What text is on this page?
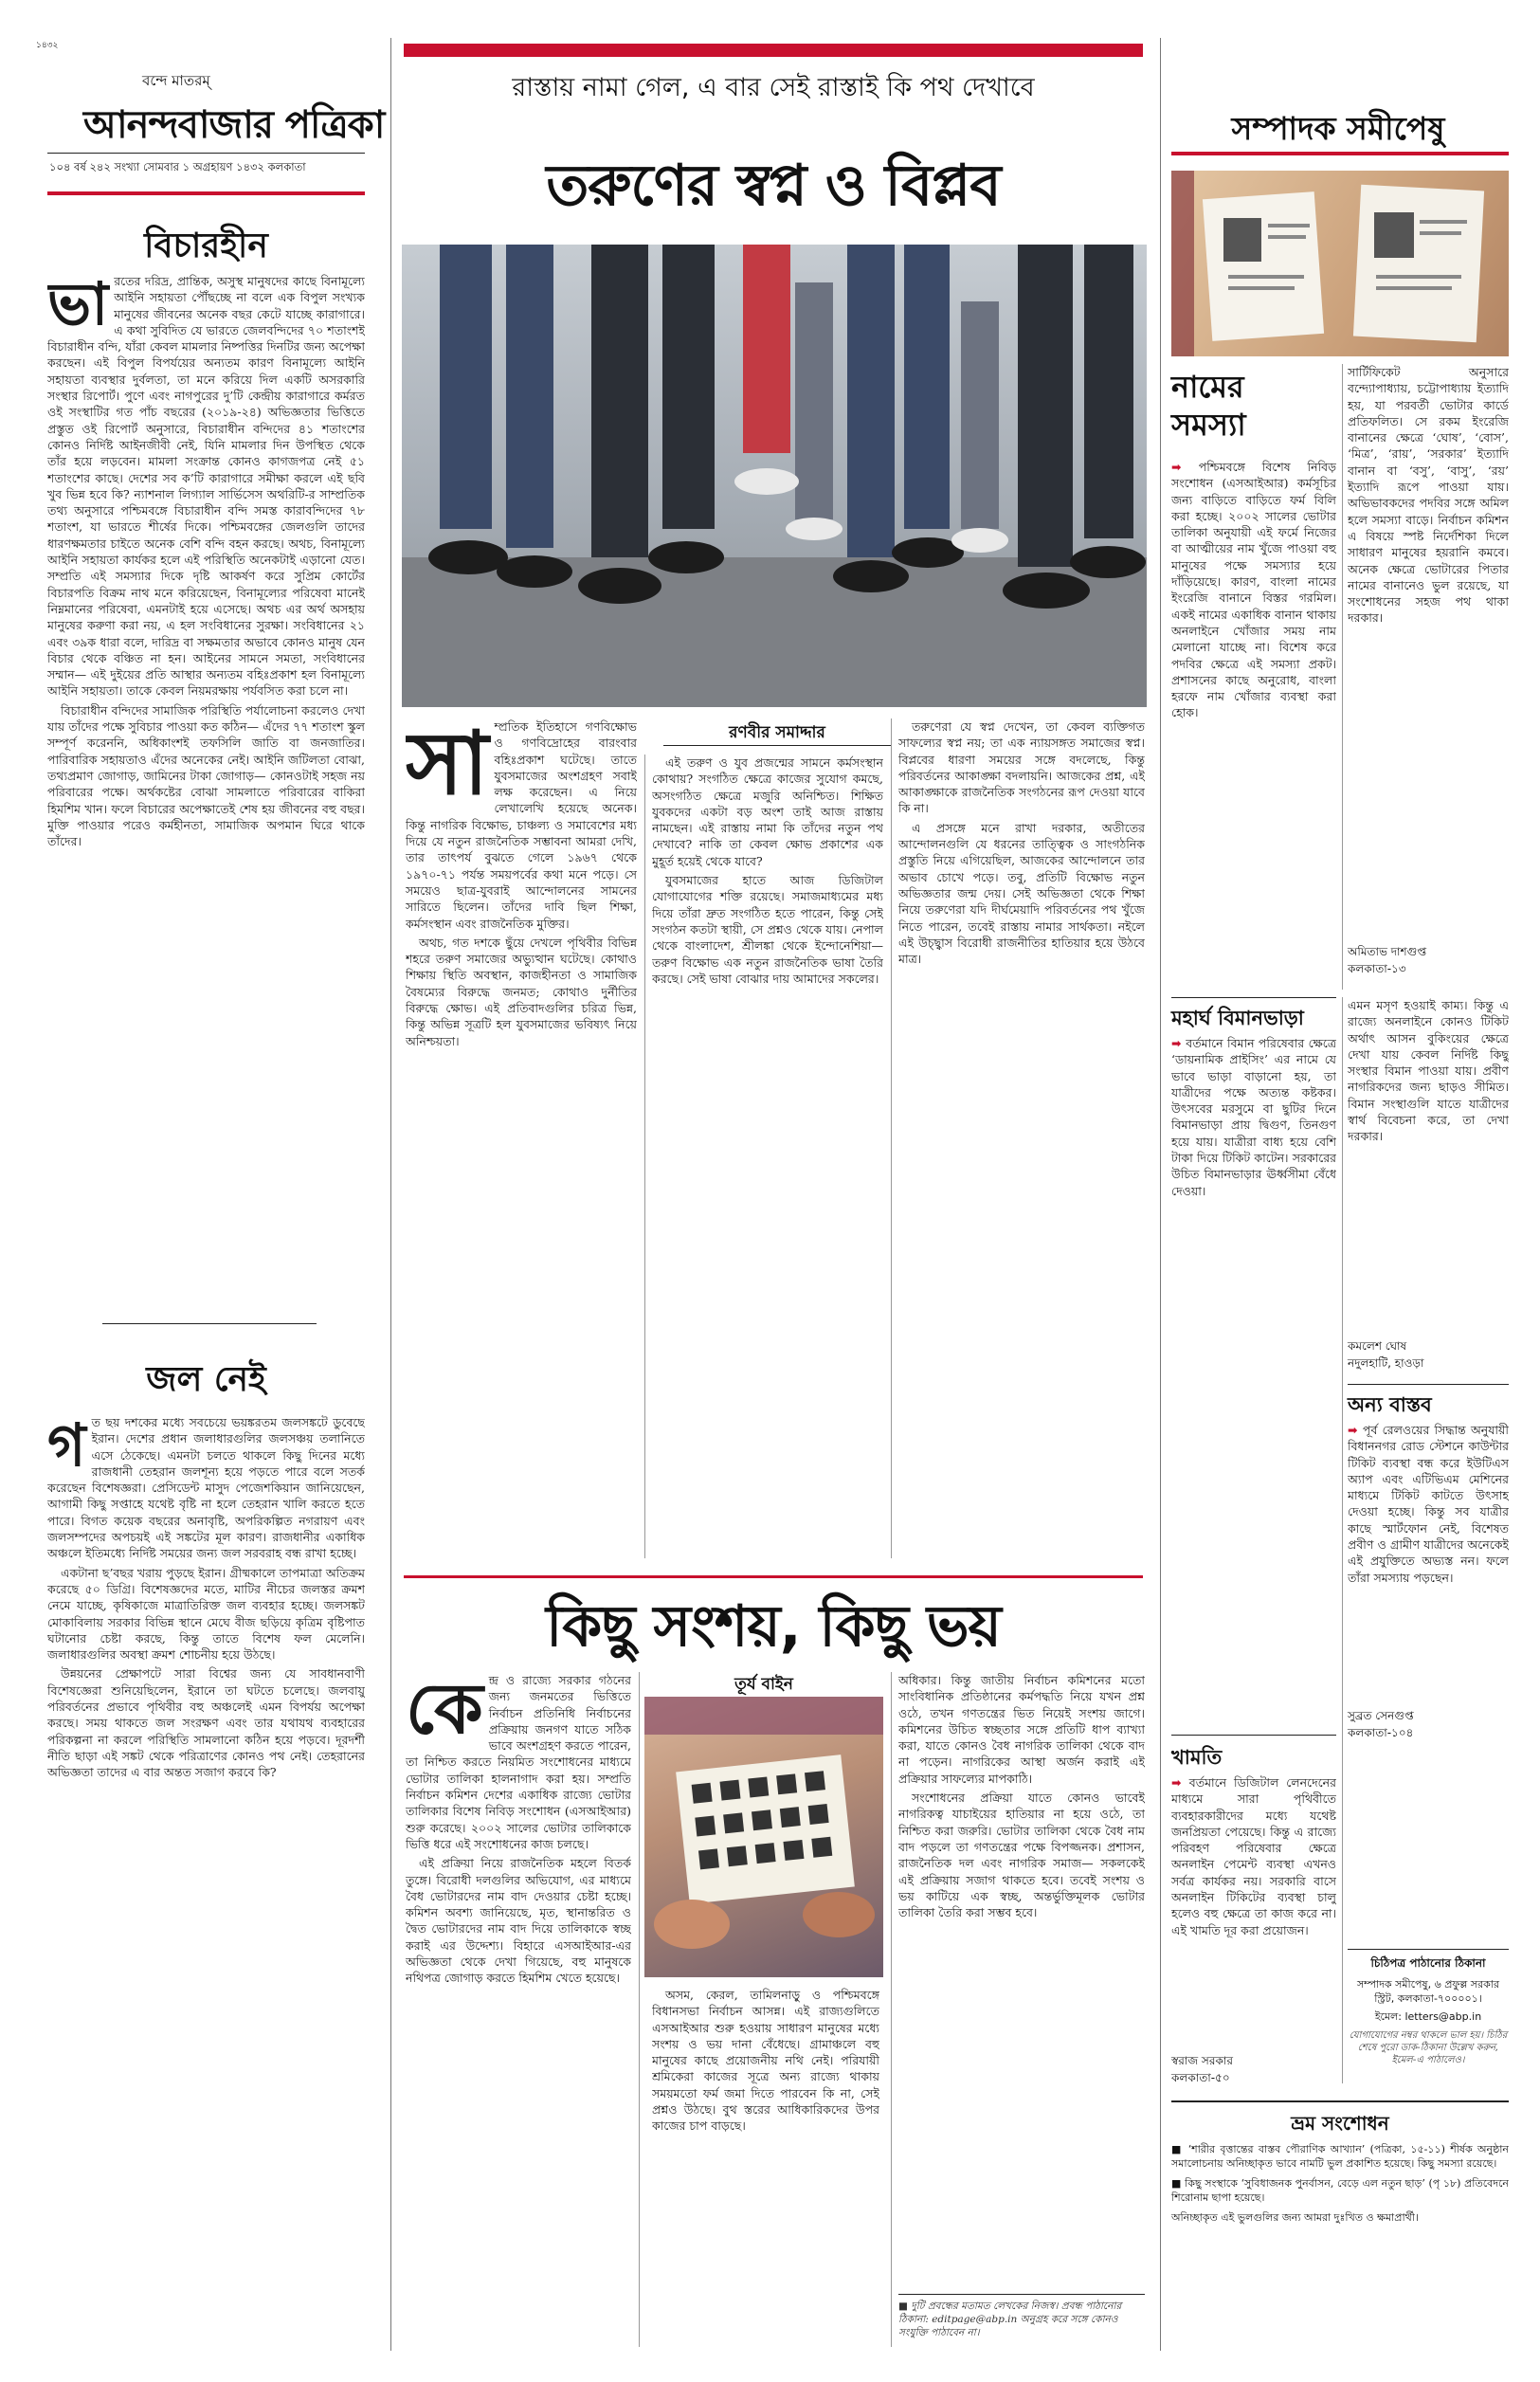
১৪৩২
বন্দে মাতরম্‌
আনন্দবাজার পত্রিকা
১০৪ বর্ষ ২৪২ সংখ্যা সোমবার ১ অগ্রহায়ণ ১৪৩২ কলকাতা
বিচারহীন
ভা রতের দরিদ্র, প্রান্তিক, অসুস্থ মানুষদের কাছে বিনামূল্যে আইনি সহায়তা পৌঁছচ্ছে না বলে এক বিপুল সংখ্যক মানুষের জীবনের অনেক বছর কেটে যাচ্ছে কারাগারে। এ কথা সুবিদিত যে ভারতে জেলবন্দিদের ৭০ শতাংশই বিচারাধীন বন্দি, যাঁরা কেবল মামলার নিষ্পত্তির দিনটির জন্য অপেক্ষা করছেন। এই বিপুল বিপর্যয়ের অন্যতম কারণ বিনামূল্যে আইনি সহায়তা ব্যবস্থার দুর্বলতা, তা মনে করিয়ে দিল একটি অসরকারি সংস্থার রিপোর্ট। পুণে এবং নাগপুরের দু’টি কেন্দ্রীয় কারাগারে কর্মরত ওই সংস্থাটির গত পাঁচ বছরের (২০১৯-২৪) অভিজ্ঞতার ভিত্তিতে প্রস্তুত ওই রিপোর্ট অনুসারে, বিচারাধীন বন্দিদের ৪১ শতাংশের কোনও নির্দিষ্ট আইনজীবী নেই, যিনি মামলার দিন উপস্থিত থেকে তাঁর হয়ে লড়বেন। মামলা সংক্রান্ত কোনও কাগজপত্র নেই ৫১ শতাংশের কাছে। দেশের সব ক’টি কারাগারে সমীক্ষা করলে এই ছবি খুব ভিন্ন হবে কি? ন্যাশনাল লিগ্যাল সার্ভিসেস অথরিটি-র সাম্প্রতিক তথ্য অনুসারে পশ্চিমবঙ্গে বিচারাধীন বন্দি সমস্ত কারাবন্দিদের ৭৮ শতাংশ, যা ভারতে শীর্ষের দিকে। পশ্চিমবঙ্গের জেলগুলি তাদের ধারণক্ষমতার চাইতে অনেক বেশি বন্দি বহন করছে। অথচ, বিনামূল্যে আইনি সহায়তা কার্যকর হলে এই পরিস্থিতি অনেকটাই এড়ানো যেত। সম্প্রতি এই সমস্যার দিকে দৃষ্টি আকর্ষণ করে সুপ্রিম কোর্টের বিচারপতি বিক্রম নাথ মনে করিয়েছেন, বিনামূল্যের পরিষেবা মানেই নিম্নমানের পরিষেবা, এমনটাই হয়ে এসেছে। অথচ এর অর্থ অসহায় মানুষের করুণা করা নয়, এ হল সংবিধানের সুরক্ষা। সংবিধানের ২১ এবং ৩৯ক ধারা বলে, দারিদ্র বা সক্ষমতার অভাবে কোনও মানুষ যেন বিচার থেকে বঞ্চিত না হন। আইনের সামনে সমতা, সংবিধানের সম্মান— এই দুইয়ের প্রতি আস্থার অন্যতম বহিঃপ্রকাশ হল বিনামূল্যে আইনি সহায়তা। তাকে কেবল নিয়মরক্ষায় পর্যবসিত করা চলে না।

বিচারাধীন বন্দিদের সামাজিক পরিস্থিতি পর্যালোচনা করলেও দেখা যায় তাঁদের পক্ষে সুবিচার পাওয়া কত কঠিন— এঁদের ৭৭ শতাংশ স্কুল সম্পূর্ণ করেননি, অধিকাংশই তফসিলি জাতি বা জনজাতির। পারিবারিক সহায়তাও এঁদের অনেকের নেই। আইনি জটিলতা বোঝা, তথ্যপ্রমাণ জোগাড়, জামিনের টাকা জোগাড়— কোনওটাই সহজ নয় পরিবারের পক্ষে। অর্থকষ্টের বোঝা সামলাতে পরিবারের বাকিরা হিমশিম খান। ফলে বিচারের অপেক্ষাতেই শেষ হয় জীবনের বহু বছর। মুক্তি পাওয়ার পরেও কর্মহীনতা, সামাজিক অপমান ঘিরে থাকে তাঁদের।

জল নেই
গ ত ছয় দশকের মধ্যে সবচেয়ে ভয়ঙ্করতম জলসঙ্কটে ডুবেছে ইরান। দেশের প্রধান জলাধারগুলির জলসঞ্চয় তলানিতে এসে ঠেকেছে। এমনটা চলতে থাকলে কিছু দিনের মধ্যে রাজধানী তেহরান জলশূন্য হয়ে পড়তে পারে বলে সতর্ক করেছেন বিশেষজ্ঞরা। প্রেসিডেন্ট মাসুদ পেজেশকিয়ান জানিয়েছেন, আগামী কিছু সপ্তাহে যথেষ্ট বৃষ্টি না হলে তেহরান খালি করতে হতে পারে। বিগত কয়েক বছরের অনাবৃষ্টি, অপরিকল্পিত নগরায়ণ এবং জলসম্পদের অপচয়ই এই সঙ্কটের মূল কারণ। রাজধানীর একাধিক অঞ্চলে ইতিমধ্যে নির্দিষ্ট সময়ের জন্য জল সরবরাহ বন্ধ রাখা হচ্ছে।

একটানা ছ’বছর খরায় পুড়ছে ইরান। গ্রীষ্মকালে তাপমাত্রা অতিক্রম করেছে ৫০ ডিগ্রি। বিশেষজ্ঞদের মতে, মাটির নীচের জলস্তর ক্রমশ নেমে যাচ্ছে, কৃষিকাজে মাত্রাতিরিক্ত জল ব্যবহার হচ্ছে। জলসঙ্কট মোকাবিলায় সরকার বিভিন্ন স্থানে মেঘে বীজ ছড়িয়ে কৃত্রিম বৃষ্টিপাত ঘটানোর চেষ্টা করছে, কিন্তু তাতে বিশেষ ফল মেলেনি। জলাধারগুলির অবস্থা ক্রমশ শোচনীয় হয়ে উঠছে।

উন্নয়নের প্রেক্ষাপটে সারা বিশ্বের জন্য যে সাবধানবাণী বিশেষজ্ঞেরা শুনিয়েছিলেন, ইরানে তা ঘটতে চলেছে। জলবায়ু পরিবর্তনের প্রভাবে পৃথিবীর বহু অঞ্চলেই এমন বিপর্যয় অপেক্ষা করছে। সময় থাকতে জল সংরক্ষণ এবং তার যথাযথ ব্যবহারের পরিকল্পনা না করলে পরিস্থিতি সামলানো কঠিন হয়ে পড়বে। দূরদর্শী নীতি ছাড়া এই সঙ্কট থেকে পরিত্রাণের কোনও পথ নেই। তেহরানের অভিজ্ঞতা তাদের এ বার অন্তত সজাগ করবে কি?

রাস্তায় নামা গেল, এ বার সেই রাস্তাই কি পথ দেখাবে
তরুণের স্বপ্ন ও বিপ্লব
রণবীর সমাদ্দার
সা ম্প্রতিক ইতিহাসে গণবিক্ষোভ ও গণবিদ্রোহের বারংবার বহিঃপ্রকাশ ঘটেছে। তাতে যুবসমাজের অংশগ্রহণ সবাই লক্ষ করেছেন। এ নিয়ে লেখালেখি হয়েছে অনেক। কিন্তু নাগরিক বিক্ষোভ, চাঞ্চল্য ও সমাবেশের মধ্য দিয়ে যে নতুন রাজনৈতিক সম্ভাবনা আমরা দেখি, তার তাৎপর্য বুঝতে গেলে ১৯৬৭ থেকে ১৯৭০-৭১ পর্যন্ত সময়পর্বের কথা মনে পড়ে। সে সময়েও ছাত্র-যুবরাই আন্দোলনের সামনের সারিতে ছিলেন। তাঁদের দাবি ছিল শিক্ষা, কর্মসংস্থান এবং রাজনৈতিক মুক্তির।

অথচ, গত দশকে ছুঁয়ে দেখলে পৃথিবীর বিভিন্ন শহরে তরুণ সমাজের অভ্যুত্থান ঘটেছে। কোথাও শিক্ষায় স্থিতি অবস্থান, কাজহীনতা ও সামাজিক বৈষম্যের বিরুদ্ধে জনমত; কোথাও দুর্নীতির বিরুদ্ধে ক্ষোভ। এই প্রতিবাদগুলির চরিত্র ভিন্ন, কিন্তু অভিন্ন সূত্রটি হল যুবসমাজের ভবিষ্যৎ নিয়ে অনিশ্চয়তা।

এই তরুণ ও যুব প্রজন্মের সামনে কর্মসংস্থান কোথায়? সংগঠিত ক্ষেত্রে কাজের সুযোগ কমছে, অসংগঠিত ক্ষেত্রে মজুরি অনিশ্চিত। শিক্ষিত যুবকদের একটা বড় অংশ তাই আজ রাস্তায় নামছেন। এই রাস্তায় নামা কি তাঁদের নতুন পথ দেখাবে? নাকি তা কেবল ক্ষোভ প্রকাশের এক মুহূর্ত হয়েই থেকে যাবে?

যুবসমাজের হাতে আজ ডিজিটাল যোগাযোগের শক্তি রয়েছে। সমাজমাধ্যমের মধ্য দিয়ে তাঁরা দ্রুত সংগঠিত হতে পারেন, কিন্তু সেই সংগঠন কতটা স্থায়ী, সে প্রশ্নও থেকে যায়। নেপাল থেকে বাংলাদেশ, শ্রীলঙ্কা থেকে ইন্দোনেশিয়া— তরুণ বিক্ষোভ এক নতুন রাজনৈতিক ভাষা তৈরি করছে। সেই ভাষা বোঝার দায় আমাদের সকলের।

তরুণেরা যে স্বপ্ন দেখেন, তা কেবল ব্যক্তিগত সাফল্যের স্বপ্ন নয়; তা এক ন্যায়সঙ্গত সমাজের স্বপ্ন। বিপ্লবের ধারণা সময়ের সঙ্গে বদলেছে, কিন্তু পরিবর্তনের আকাঙ্ক্ষা বদলায়নি। আজকের প্রশ্ন, এই আকাঙ্ক্ষাকে রাজনৈতিক সংগঠনের রূপ দেওয়া যাবে কি না।

এ প্রসঙ্গে মনে রাখা দরকার, অতীতের আন্দোলনগুলি যে ধরনের তাত্ত্বিক ও সাংগঠনিক প্রস্তুতি নিয়ে এগিয়েছিল, আজকের আন্দোলনে তার অভাব চোখে পড়ে। তবু, প্রতিটি বিক্ষোভ নতুন অভিজ্ঞতার জন্ম দেয়। সেই অভিজ্ঞতা থেকে শিক্ষা নিয়ে তরুণেরা যদি দীর্ঘমেয়াদি পরিবর্তনের পথ খুঁজে নিতে পারেন, তবেই রাস্তায় নামার সার্থকতা। নইলে এই উচ্ছ্বাস বিরোধী রাজনীতির হাতিয়ার হয়ে উঠবে মাত্র।

কিছু সংশয়, কিছু ভয়
কে ন্দ্র ও রাজ্যে সরকার গঠনের জন্য জনমতের ভিত্তিতে নির্বাচন প্রতিনিধি নির্বাচনের প্রক্রিয়ায় জনগণ যাতে সঠিক ভাবে অংশগ্রহণ করতে পারেন, তা নিশ্চিত করতে নিয়মিত সংশোধনের মাধ্যমে ভোটার তালিকা হালনাগাদ করা হয়। সম্প্রতি নির্বাচন কমিশন দেশের একাধিক রাজ্যে ভোটার তালিকার বিশেষ নিবিড় সংশোধন (এসআইআর) শুরু করেছে। ২০০২ সালের ভোটার তালিকাকে ভিত্তি ধরে এই সংশোধনের কাজ চলছে।

এই প্রক্রিয়া নিয়ে রাজনৈতিক মহলে বিতর্ক তুঙ্গে। বিরোধী দলগুলির অভিযোগ, এর মাধ্যমে বৈধ ভোটারদের নাম বাদ দেওয়ার চেষ্টা হচ্ছে। কমিশন অবশ্য জানিয়েছে, মৃত, স্থানান্তরিত ও দ্বৈত ভোটারদের নাম বাদ দিয়ে তালিকাকে স্বচ্ছ করাই এর উদ্দেশ্য। বিহারে এসআইআর-এর অভিজ্ঞতা থেকে দেখা গিয়েছে, বহু মানুষকে নথিপত্র জোগাড় করতে হিমশিম খেতে হয়েছে।

তূর্য বাইন

অসম, কেরল, তামিলনাড়ু ও পশ্চিমবঙ্গে বিধানসভা নির্বাচন আসন্ন। এই রাজ্যগুলিতে এসআইআর শুরু হওয়ায় সাধারণ মানুষের মধ্যে সংশয় ও ভয় দানা বেঁধেছে। গ্রামাঞ্চলে বহু মানুষের কাছে প্রয়োজনীয় নথি নেই। পরিযায়ী শ্রমিকেরা কাজের সূত্রে অন্য রাজ্যে থাকায় সময়মতো ফর্ম জমা দিতে পারবেন কি না, সেই প্রশ্নও উঠছে। বুথ স্তরের আধিকারিকদের উপর কাজের চাপ বাড়ছে।

অধিকার। কিন্তু জাতীয় নির্বাচন কমিশনের মতো সাংবিধানিক প্রতিষ্ঠানের কর্মপদ্ধতি নিয়ে যখন প্রশ্ন ওঠে, তখন গণতন্ত্রের ভিত নিয়েই সংশয় জাগে। কমিশনের উচিত স্বচ্ছতার সঙ্গে প্রতিটি ধাপ ব্যাখ্যা করা, যাতে কোনও বৈধ নাগরিক তালিকা থেকে বাদ না পড়েন। নাগরিকের আস্থা অর্জন করাই এই প্রক্রিয়ার সাফল্যের মাপকাঠি।

সংশোধনের প্রক্রিয়া যাতে কোনও ভাবেই নাগরিকত্ব যাচাইয়ের হাতিয়ার না হয়ে ওঠে, তা নিশ্চিত করা জরুরি। ভোটার তালিকা থেকে বৈধ নাম বাদ পড়লে তা গণতন্ত্রের পক্ষে বিপজ্জনক। প্রশাসন, রাজনৈতিক দল এবং নাগরিক সমাজ— সকলকেই এই প্রক্রিয়ায় সজাগ থাকতে হবে। তবেই সংশয় ও ভয় কাটিয়ে এক স্বচ্ছ, অন্তর্ভুক্তিমূলক ভোটার তালিকা তৈরি করা সম্ভব হবে।

■ দুটি প্রবন্ধের মতামত লেখকের নিজস্ব। প্রবন্ধ পাঠানোর ঠিকানা: editpage@abp.in অনুগ্রহ করে সঙ্গে কোনও সংযুক্তি পাঠাবেন না।
সম্পাদক সমীপেষু
নামের সমস্যা

➡ পশ্চিমবঙ্গে বিশেষ নিবিড় সংশোধন (এসআইআর) কর্মসূচির জন্য বাড়িতে বাড়িতে ফর্ম বিলি করা হচ্ছে। ২০০২ সালের ভোটার তালিকা অনুযায়ী এই ফর্মে নিজের বা আত্মীয়ের নাম খুঁজে পাওয়া বহু মানুষের পক্ষে সমস্যার হয়ে দাঁড়িয়েছে। কারণ, বাংলা নামের ইংরেজি বানানে বিস্তর গরমিল। একই নামের একাধিক বানান থাকায় অনলাইনে খোঁজার সময় নাম মেলানো যাচ্ছে না। বিশেষ করে পদবির ক্ষেত্রে এই সমস্যা প্রকট। প্রশাসনের কাছে অনুরোধ, বাংলা হরফে নাম খোঁজার ব্যবস্থা করা হোক।

সার্টিফিকেট অনুসারে বন্দ্যোপাধ্যায়, চট্টোপাধ্যায় ইত্যাদি হয়, যা পরবর্তী ভোটার কার্ডে প্রতিফলিত। সে রকম ইংরেজি বানানের ক্ষেত্রে ‘ঘোষ’, ‘বোস’, ‘মিত্র’, ‘রায়’, ‘সরকার’ ইত্যাদি বানান বা ‘বসু’, ‘বাসু’, ‘রয়’ ইত্যাদি রূপে পাওয়া যায়। অভিভাবকদের পদবির সঙ্গে অমিল হলে সমস্যা বাড়ে। নির্বাচন কমিশন এ বিষয়ে স্পষ্ট নির্দেশিকা দিলে সাধারণ মানুষের হয়রানি কমবে। অনেক ক্ষেত্রে ভোটারের পিতার নামের বানানেও ভুল রয়েছে, যা সংশোধনের সহজ পথ থাকা দরকার।

অমিতাভ দাশগুপ্ত
কলকাতা-১৩
মহার্ঘ বিমানভাড়া

➡ বর্তমানে বিমান পরিষেবার ক্ষেত্রে ‘ডায়নামিক প্রাইসিং’ এর নামে যে ভাবে ভাড়া বাড়ানো হয়, তা যাত্রীদের পক্ষে অত্যন্ত কষ্টকর। উৎসবের মরসুমে বা ছুটির দিনে বিমানভাড়া প্রায় দ্বিগুণ, তিনগুণ হয়ে যায়। যাত্রীরা বাধ্য হয়ে বেশি টাকা দিয়ে টিকিট কাটেন। সরকারের উচিত বিমানভাড়ার ঊর্ধ্বসীমা বেঁধে দেওয়া।

এমন মসৃণ হওয়াই কাম্য। কিন্তু এ রাজ্যে অনলাইনে কোনও টিকিট অর্থাৎ আসন বুকিংয়ের ক্ষেত্রে দেখা যায় কেবল নির্দিষ্ট কিছু সংস্থার বিমান পাওয়া যায়। প্রবীণ নাগরিকদের জন্য ছাড়ও সীমিত। বিমান সংস্থাগুলি যাতে যাত্রীদের স্বার্থ বিবেচনা করে, তা দেখা দরকার।

কমলেশ ঘোষ
নদুলহাটি, হাওড়া
অন্য বাস্তব

➡ পূর্ব রেলওয়ের সিদ্ধান্ত অনুযায়ী বিধাননগর রোড স্টেশনে কাউন্টার টিকিট ব্যবস্থা বন্ধ করে ইউটিএস অ্যাপ এবং এটিভিএম মেশিনের মাধ্যমে টিকিট কাটতে উৎসাহ দেওয়া হচ্ছে। কিন্তু সব যাত্রীর কাছে স্মার্টফোন নেই, বিশেষত প্রবীণ ও গ্রামীণ যাত্রীদের অনেকেই এই প্রযুক্তিতে অভ্যস্ত নন। ফলে তাঁরা সমস্যায় পড়ছেন।

সুব্রত সেনগুপ্ত
কলকাতা-১০৪
খামতি

➡ বর্তমানে ডিজিটাল লেনদেনের মাধ্যমে সারা পৃথিবীতে ব্যবহারকারীদের মধ্যে যথেষ্ট জনপ্রিয়তা পেয়েছে। কিন্তু এ রাজ্যে পরিবহণ পরিষেবার ক্ষেত্রে অনলাইন পেমেন্ট ব্যবস্থা এখনও সর্বত্র কার্যকর নয়। সরকারি বাসে অনলাইন টিকিটের ব্যবস্থা চালু হলেও বহু ক্ষেত্রে তা কাজ করে না। এই খামতি দূর করা প্রয়োজন।

স্বরাজ সরকার
কলকাতা-৫০
চিঠিপত্র পাঠানোর ঠিকানা
সম্পাদক সমীপেষু, ৬ প্রফুল্ল সরকার স্ট্রিট, কলকাতা-৭০০০০১।
ইমেল: letters@abp.in
যোগাযোগের নম্বর থাকলে ভাল হয়। চিঠির শেষে পুরো ডাক-ঠিকানা উল্লেখ করুন, ইমেল-এ পাঠালেও।
ভ্রম সংশোধন

■ ‘শারীর বৃত্তান্তের বাস্তব পৌরাণিক আখ্যান’ (পত্রিকা, ১৫-১১) শীর্ষক অনুষ্ঠান সমালোচনায় অনিচ্ছাকৃত ভাবে নামটি ভুল প্রকাশিত হয়েছে। কিছু সমস্যা রয়েছে।

■ কিছু সংস্থাকে ‘সুবিধাজনক পুনর্বাসন, বেড়ে এল নতুন ছাড়’ (পৃ ১৮) প্রতিবেদনে শিরোনাম ছাপা হয়েছে।

অনিচ্ছাকৃত এই ভুলগুলির জন্য আমরা দুঃখিত ও ক্ষমাপ্রার্থী।
